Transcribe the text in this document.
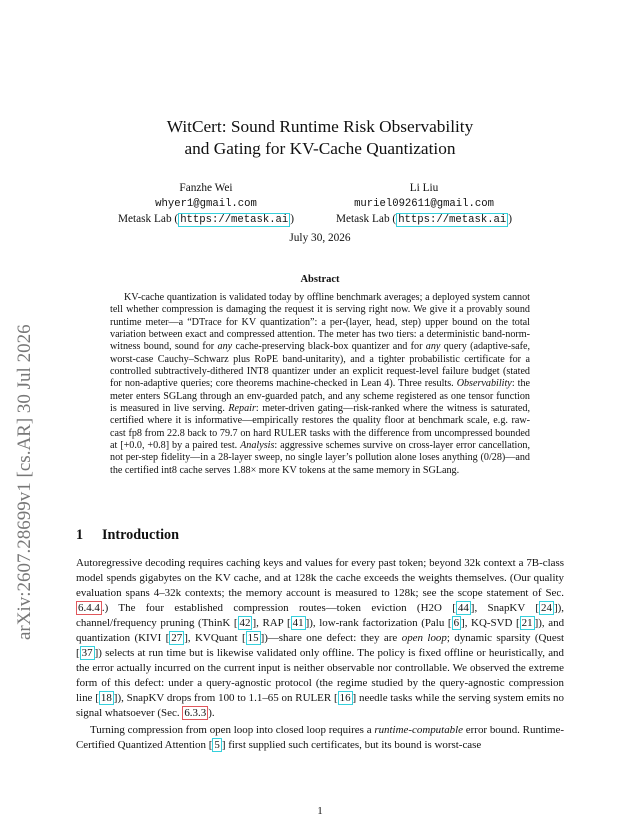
arXiv:2607.28699v1 [cs.AR] 30 Jul 2026
WitCert: Sound Runtime Risk Observability
and Gating for KV-Cache Quantization
Fanzhe Wei
whyer1@gmail.com
Metask Lab ( https://metask.ai )
Li Liu
muriel092611@gmail.com
Metask Lab ( https://metask.ai )
July 30, 2026
Abstract

KV-cache quantization is validated today by offline benchmark averages; a deployed system cannot tell whether compression is damaging the request it is serving right now. We give it a provably sound runtime meter—a “DTrace for KV quantization”: a per-(layer, head, step) upper bound on the total variation between exact and compressed attention. The meter has two tiers: a deterministic band-norm-witness bound, sound for any cache-preserving black-box quantizer and for any query (adaptive-safe, worst-case Cauchy–Schwarz plus RoPE band-unitarity), and a tighter probabilistic certificate for a controlled subtractively-dithered INT8 quantizer under an explicit request-level failure budget (stated for non-adaptive queries; core theorems machine-checked in Lean 4). Three results. Observability: the meter enters SGLang through an env-guarded patch, and any scheme registered as one tensor function is measured in live serving. Repair: meter-driven gating—risk-ranked where the witness is saturated, certified where it is informative—empirically restores the quality floor at benchmark scale, e.g. raw-cast fp8 from 22.8 back to 79.7 on hard RULER tasks with the difference from uncompressed bounded at [+0.0, +0.8] by a paired test. Analysis: aggressive schemes survive on cross-layer error cancellation, not per-step fidelity—in a 28-layer sweep, no single layer’s pollution alone loses anything (0/28)—and the certified int8 cache serves 1.88× more KV tokens at the same memory in SGLang.

1 Introduction

Autoregressive decoding requires caching keys and values for every past token; beyond 32k context a 7B-class model spends gigabytes on the KV cache, and at 128k the cache exceeds the weights themselves. (Our quality evaluation spans 4–32k contexts; the memory account is measured to 128k; see the scope statement of Sec. 6.4.4 .) The four established compression routes—token eviction (H2O [ 44 ], SnapKV [ 24 ]), channel/frequency pruning (ThinK [ 42 ], RAP [ 41 ]), low-rank factorization (Palu [ 6 ], KQ-SVD [ 21 ]), and quantization (KIVI [ 27 ], KVQuant [ 15 ])—share one defect: they are open loop; dynamic sparsity (Quest [ 37 ]) selects at run time but is likewise validated only offline. The policy is fixed offline or heuristically, and the error actually incurred on the current input is neither observable nor controllable. We observed the extreme form of this defect: under a query-agnostic protocol (the regime studied by the query-agnostic compression line [ 18 ]), SnapKV drops from 100 to 1.1–65 on RULER [ 16 ] needle tasks while the serving system emits no signal whatsoever (Sec. 6.3.3 ).

Turning compression from open loop into closed loop requires a runtime-computable error bound. Runtime-Certified Quantized Attention [ 5 ] first supplied such certificates, but its bound is worst-case

1
